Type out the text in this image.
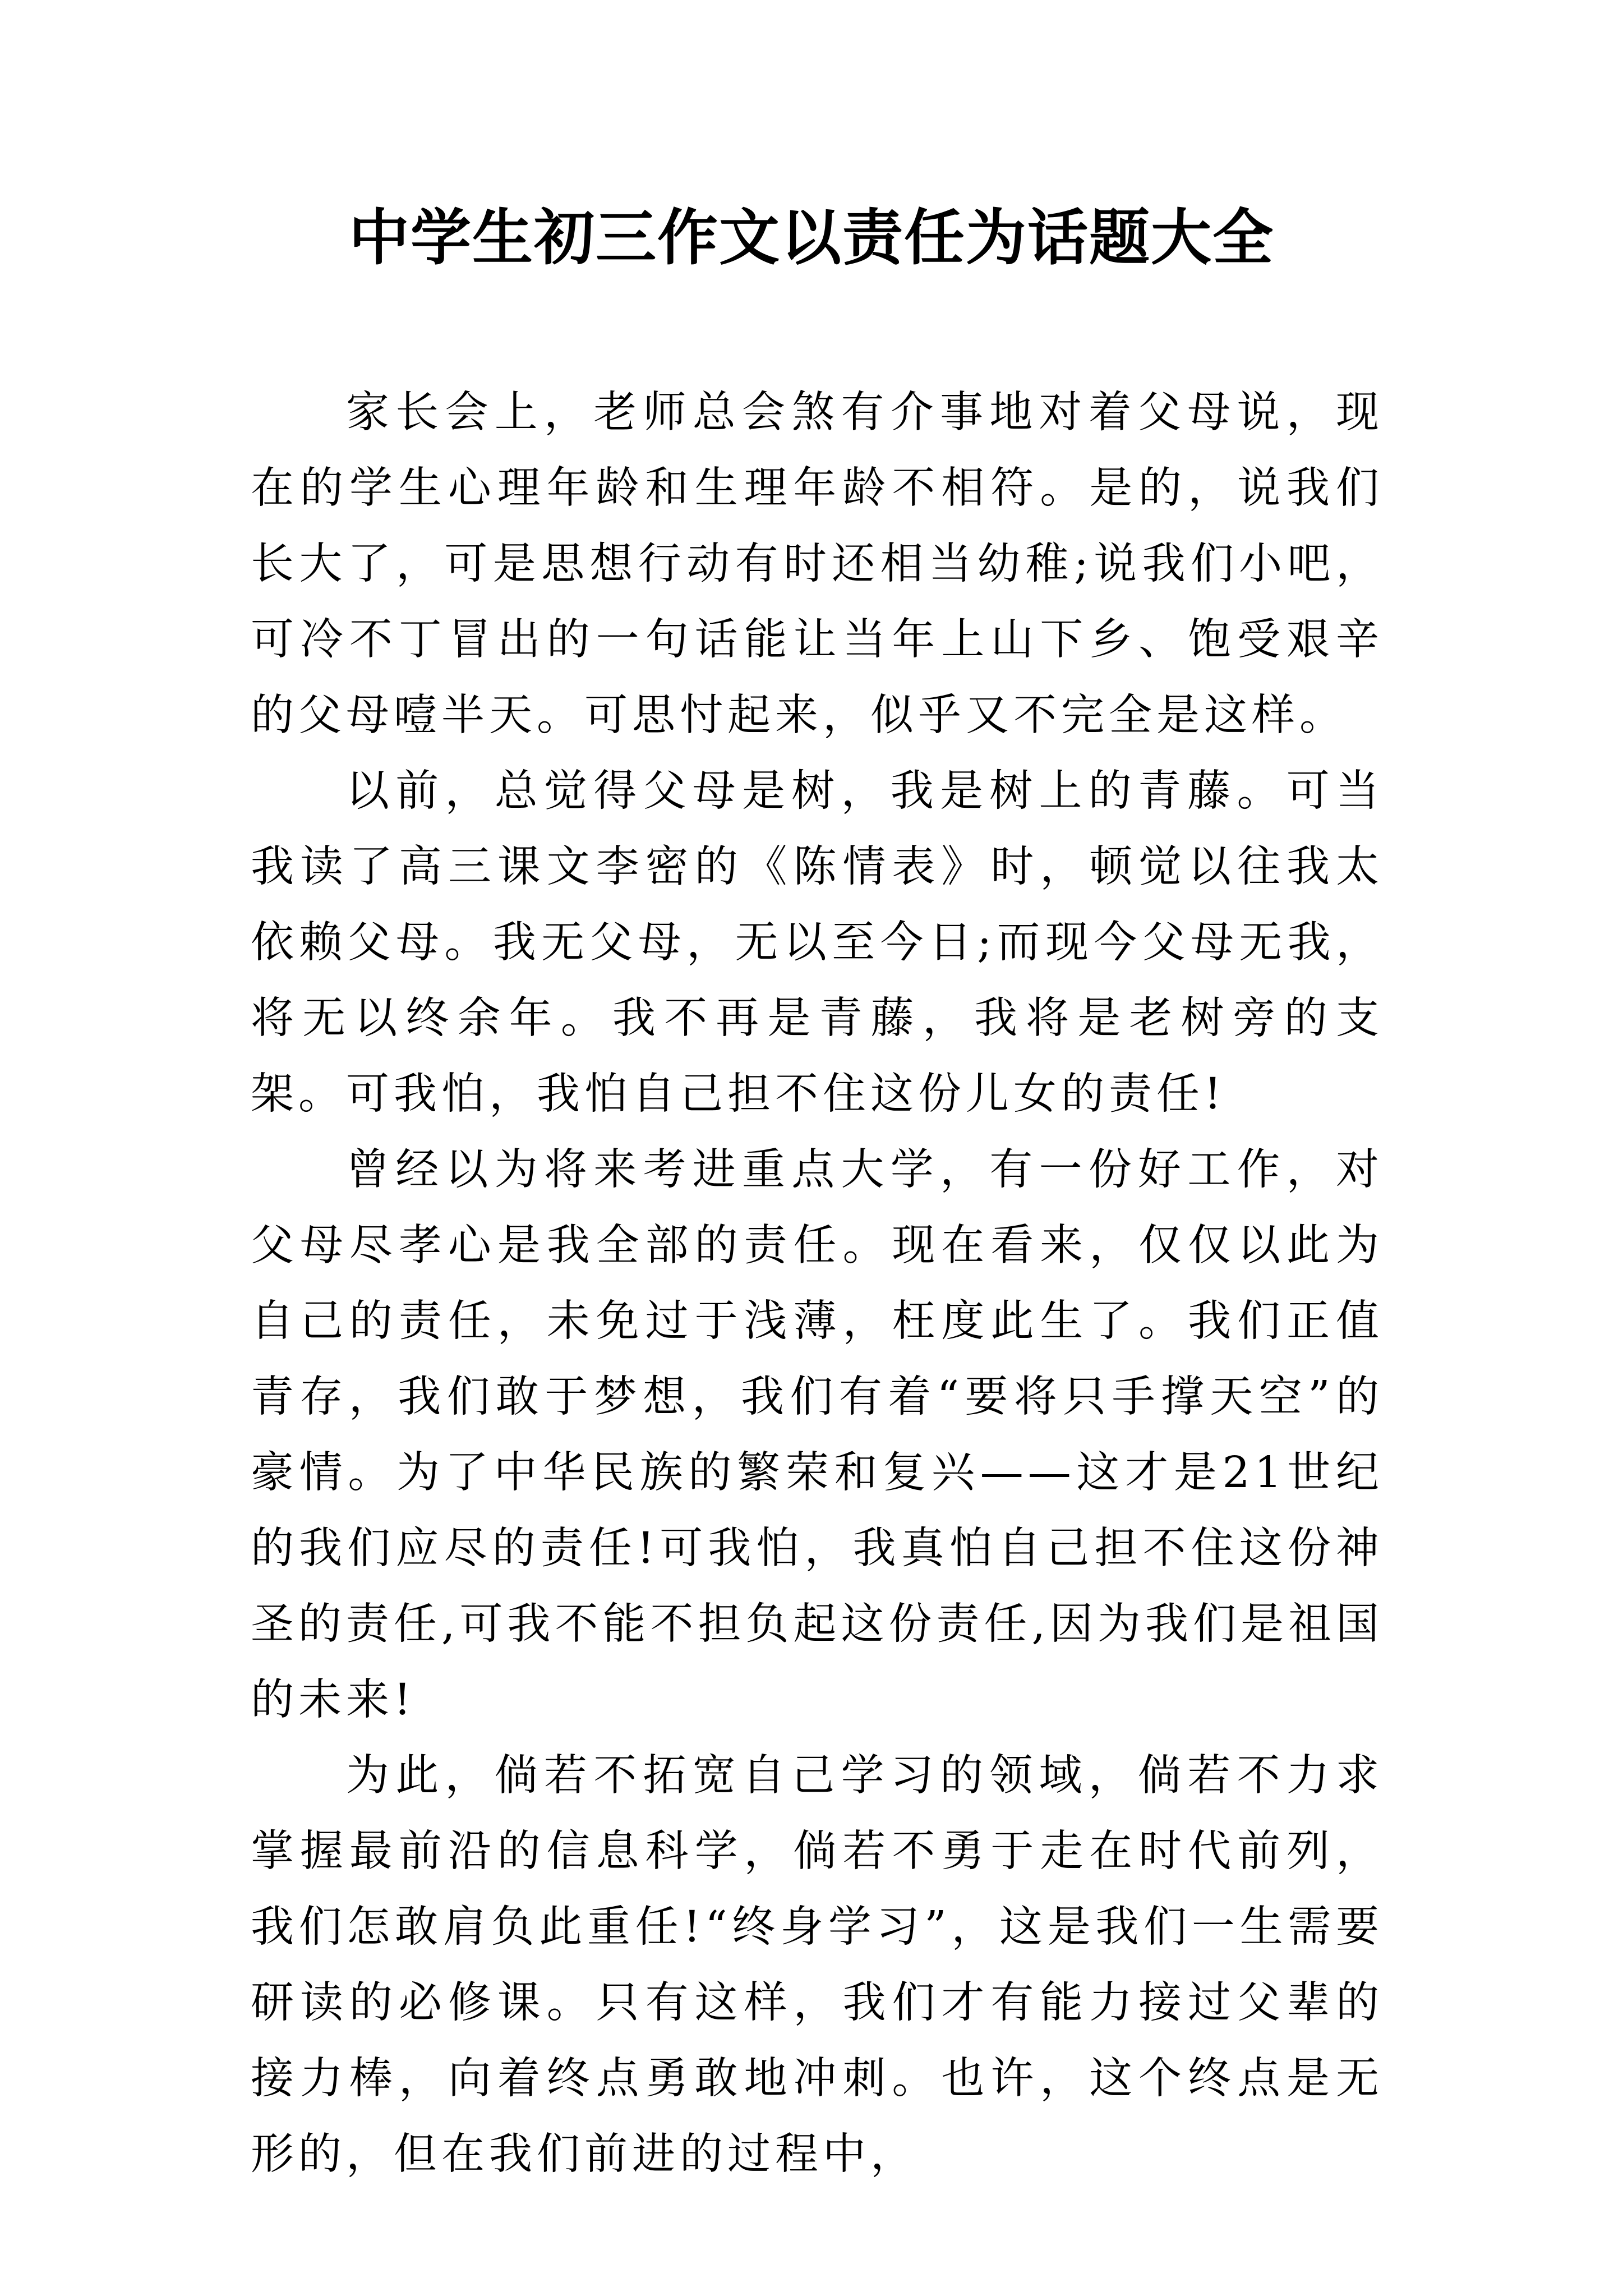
中学生初三作文以责任为话题大全

家长会上，老师总会煞有介事地对着父母说，现在的学生心理年龄和生理年龄不相符。是的，说我们长大了，可是思想行动有时还相当幼稚;说我们小吧，可冷不丁冒出的一句话能让当年上山下乡、饱受艰辛的父母噎半天。可思忖起来，似乎又不完全是这样。

以前，总觉得父母是树，我是树上的青藤。可当我读了高三课文李密的《陈情表》时，顿觉以往我太依赖父母。我无父母，无以至今日;而现今父母无我，将无以终余年。我不再是青藤，我将是老树旁的支架。可我怕，我怕自己担不住这份儿女的责任!

曾经以为将来考进重点大学，有一份好工作，对父母尽孝心是我全部的责任。现在看来，仅仅以此为自己的责任，未免过于浅薄，枉度此生了。我们正值青存，我们敢于梦想，我们有着“要将只手撑天空”的豪情。为了中华民族的繁荣和复兴——这才是21世纪的我们应尽的责任!可我怕，我真怕自己担不住这份神圣的责任,可我不能不担负起这份责任,因为我们是祖国的未来!

为此，倘若不拓宽自己学习的领域，倘若不力求掌握最前沿的信息科学，倘若不勇于走在时代前列，我们怎敢肩负此重任!“终身学习”，这是我们一生需要研读的必修课。只有这样，我们才有能力接过父辈的接力棒，向着终点勇敢地冲刺。也许，这个终点是无形的，但在我们前进的过程中，
